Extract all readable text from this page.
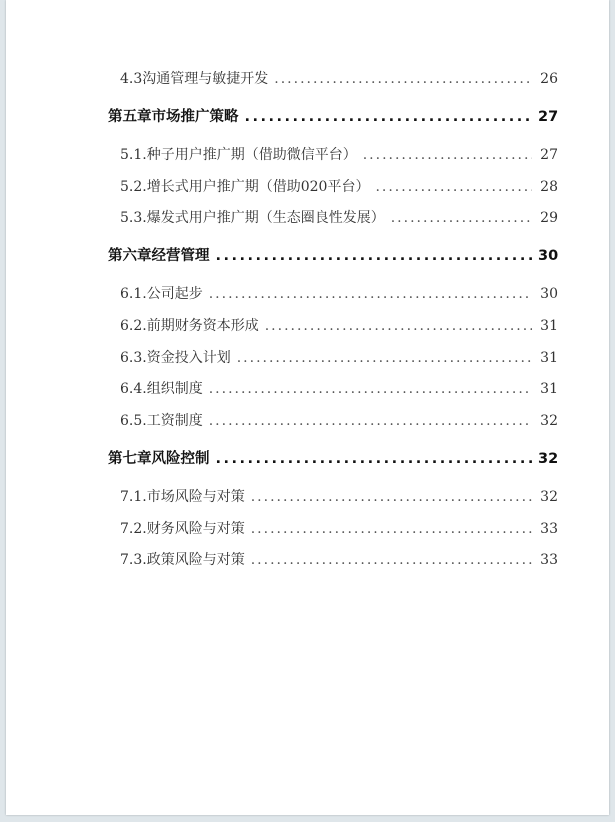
4.3 沟通管理与敏捷开发 .....	26
第五章 市场推广策略 .....	27
5.1. 种子用户推广期（借助微信平台） .....	27
5.2. 增长式用户推广期（借助020平台） .....	28
5.3. 爆发式用户推广期（生态圈良性发展） .....	29
第六章 经营管理 .....	30
6.1. 公司起步 .....	30
6.2. 前期财务资本形成 .....	31
6.3. 资金投入计划 .....	31
6.4. 组织制度 .....	31
6.5. 工资制度 .....	32
第七章 风险控制 .....	32
7.1. 市场风险与对策 .....	32
7.2. 财务风险与对策 .....	33
7.3. 政策风险与对策 .....	33
